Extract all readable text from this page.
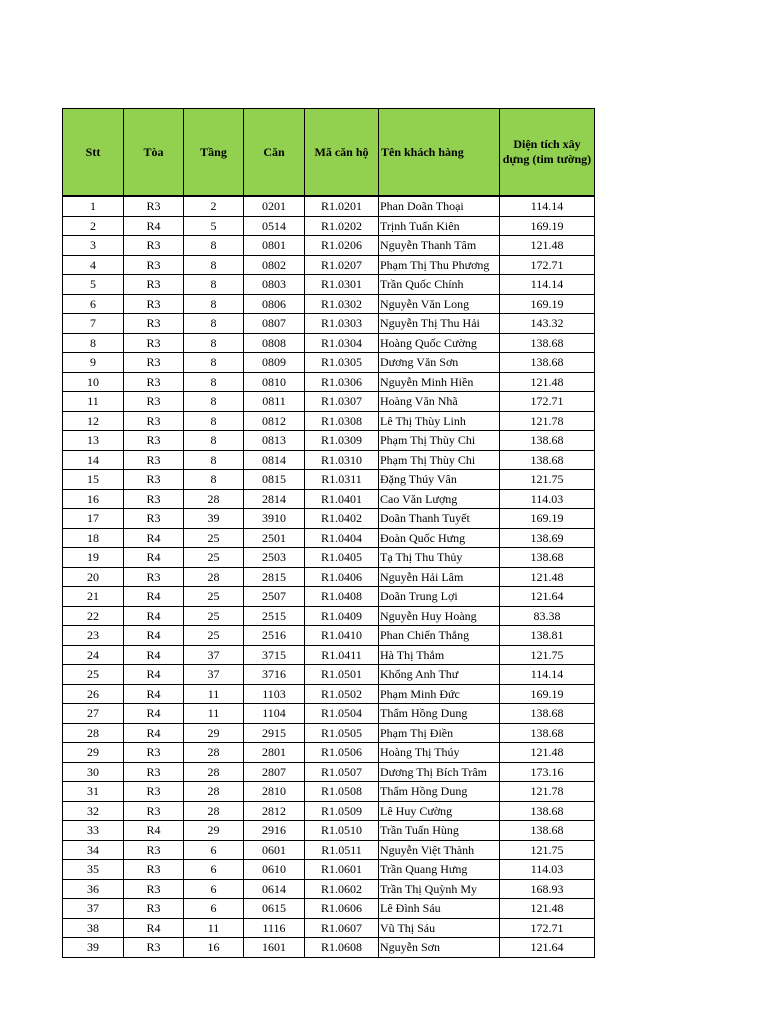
Stt	Tòa	Tầng	Căn	Mã căn hộ	Tên khách hàng	Diện tích xây dựng (tim tường)
1	R3	2	0201	R1.0201	Phan Doãn Thoại	114.14
2	R4	5	0514	R1.0202	Trịnh Tuấn Kiên	169.19
3	R3	8	0801	R1.0206	Nguyễn Thanh Tâm	121.48
4	R3	8	0802	R1.0207	Phạm Thị Thu Phương	172.71
5	R3	8	0803	R1.0301	Trần Quốc Chính	114.14
6	R3	8	0806	R1.0302	Nguyễn Văn Long	169.19
7	R3	8	0807	R1.0303	Nguyễn Thị Thu Hải	143.32
8	R3	8	0808	R1.0304	Hoàng Quốc Cường	138.68
9	R3	8	0809	R1.0305	Dương Văn Sơn	138.68
10	R3	8	0810	R1.0306	Nguyễn Minh Hiền	121.48
11	R3	8	0811	R1.0307	Hoàng Văn Nhã	172.71
12	R3	8	0812	R1.0308	Lê Thị Thùy Linh	121.78
13	R3	8	0813	R1.0309	Phạm Thị Thùy Chi	138.68
14	R3	8	0814	R1.0310	Phạm Thị Thùy Chi	138.68
15	R3	8	0815	R1.0311	Đặng Thúy Vân	121.75
16	R3	28	2814	R1.0401	Cao Văn Lượng	114.03
17	R3	39	3910	R1.0402	Doãn Thanh Tuyết	169.19
18	R4	25	2501	R1.0404	Đoàn Quốc Hưng	138.69
19	R4	25	2503	R1.0405	Tạ Thị Thu Thủy	138.68
20	R3	28	2815	R1.0406	Nguyễn Hải Lâm	121.48
21	R4	25	2507	R1.0408	Doãn Trung Lợi	121.64
22	R4	25	2515	R1.0409	Nguyễn Huy Hoàng	83.38
23	R4	25	2516	R1.0410	Phan Chiến Thắng	138.81
24	R4	37	3715	R1.0411	Hà Thị Thắm	121.75
25	R4	37	3716	R1.0501	Khổng Anh Thư	114.14
26	R4	11	1103	R1.0502	Phạm Minh Đức	169.19
27	R4	11	1104	R1.0504	Thẩm Hồng Dung	138.68
28	R4	29	2915	R1.0505	Phạm Thị Điền	138.68
29	R3	28	2801	R1.0506	Hoàng Thị Thúy	121.48
30	R3	28	2807	R1.0507	Dương Thị Bích Trâm	173.16
31	R3	28	2810	R1.0508	Thẩm Hồng Dung	121.78
32	R3	28	2812	R1.0509	Lê Huy Cường	138.68
33	R4	29	2916	R1.0510	Trần Tuấn Hùng	138.68
34	R3	6	0601	R1.0511	Nguyễn Việt Thành	121.75
35	R3	6	0610	R1.0601	Trần Quang Hưng	114.03
36	R3	6	0614	R1.0602	Trần Thị Quỳnh My	168.93
37	R3	6	0615	R1.0606	Lê Đình Sáu	121.48
38	R4	11	1116	R1.0607	Vũ Thị Sáu	172.71
39	R3	16	1601	R1.0608	Nguyễn Sơn	121.64
